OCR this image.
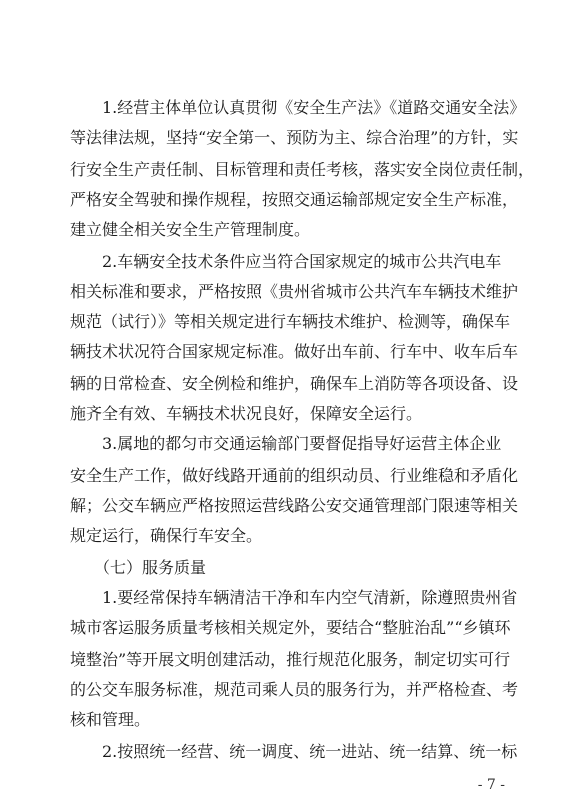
1.经营主体单位认真贯彻《安全生产法》《道路交通安全法》
等法律法规，坚持“安全第一、预防为主、综合治理”的方针，实
行安全生产责任制、目标管理和责任考核，落实安全岗位责任制，
严格安全驾驶和操作规程，按照交通运输部规定安全生产标准，
建立健全相关安全生产管理制度。
2.车辆安全技术条件应当符合国家规定的城市公共汽电车
相关标准和要求，严格按照《贵州省城市公共汽车车辆技术维护
规范（试行）》等相关规定进行车辆技术维护、检测等，确保车
辆技术状况符合国家规定标准。做好出车前、行车中、收车后车
辆的日常检查、安全例检和维护，确保车上消防等各项设备、设
施齐全有效、车辆技术状况良好，保障安全运行。
3.属地的都匀市交通运输部门要督促指导好运营主体企业
安全生产工作，做好线路开通前的组织动员、行业维稳和矛盾化
解；公交车辆应严格按照运营线路公安交通管理部门限速等相关
规定运行，确保行车安全。
（七）服务质量
1.要经常保持车辆清洁干净和车内空气清新，除遵照贵州省
城市客运服务质量考核相关规定外，要结合“整脏治乱”“乡镇环
境整治”等开展文明创建活动，推行规范化服务，制定切实可行
的公交车服务标准，规范司乘人员的服务行为，并严格检查、考
核和管理。
- 7 -
2.按照统一经营、统一调度、统一进站、统一结算、统一标
